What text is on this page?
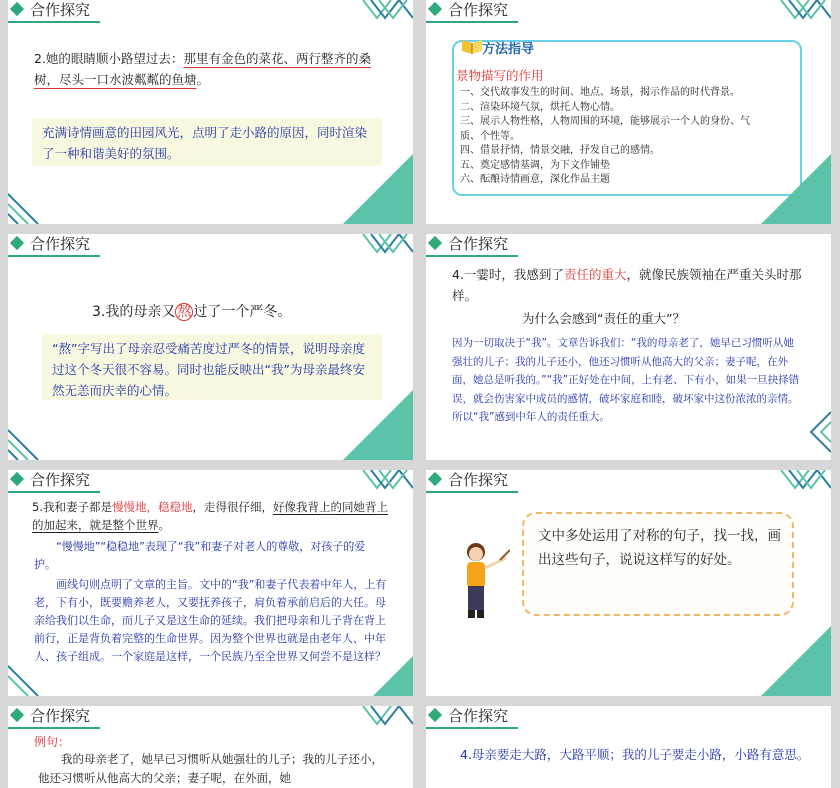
合作探究
2.她的眼睛顺小路望过去：那里有金色的菜花、两行整齐的桑树，尽头一口水波粼粼的鱼塘。
充满诗情画意的田园风光，点明了走小路的原因，同时渲染了一种和谐美好的氛围。
合作探究
方法指导
景物描写的作用
一、交代故事发生的时间、地点、场景，揭示作品的时代背景。
二、渲染环境气氛，烘托人物心情。
三、展示人物性格，人物周围的环境，能够展示一个人的身份、气质、个性等。
四、借景抒情，情景交融，抒发自己的感情。
五、奠定感情基调，为下文作铺垫
六、酝酿诗情画意，深化作品主题
合作探究
3.我的母亲又 熬 过了一个严冬。
“熬”字写出了母亲忍受痛苦度过严冬的情景，说明母亲度过这个冬天很不容易。同时也能反映出“我”为母亲最终安然无恙而庆幸的心情。
合作探究
4.一霎时，我感到了责任的重大，就像民族领袖在严重关头时那样。
为什么会感到“责任的重大”？
因为一切取决于“我”。文章告诉我们：“我的母亲老了，她早已习惯听从她强壮的儿子；我的儿子还小，他还习惯听从他高大的父亲；妻子呢，在外面，她总是听我的。”“我”正好处在中间，上有老、下有小，如果一旦抉择错误，就会伤害家中成员的感情，破坏家庭和睦，破坏家中这份浓浓的亲情。所以“我”感到中年人的责任重大。
合作探究
5.我和妻子都是慢慢地，稳稳地，走得很仔细，好像我背上的同她背上的加起来，就是整个世界。
“慢慢地”“稳稳地”表现了“我”和妻子对老人的尊敬，对孩子的爱护。
画线句则点明了文章的主旨。文中的“我”和妻子代表着中年人，上有老，下有小，既要赡养老人，又要抚养孩子，肩负着承前启后的大任。母亲给我们以生命，而儿子又是这生命的延续。我们把母亲和儿子背在背上前行，正是背负着完整的生命世界。因为整个世界也就是由老年人、中年人、孩子组成。一个家庭是这样，一个民族乃至全世界又何尝不是这样？
合作探究
文中多处运用了对称的句子，找一找，画出这些句子，说说这样写的好处。
合作探究
例句：
我的母亲老了，她早已习惯听从她强壮的儿子；我的儿子还小，他还习惯听从他高大的父亲；妻子呢，在外面，她
合作探究
4.母亲要走大路，大路平顺；我的儿子要走小路，小路有意思。
